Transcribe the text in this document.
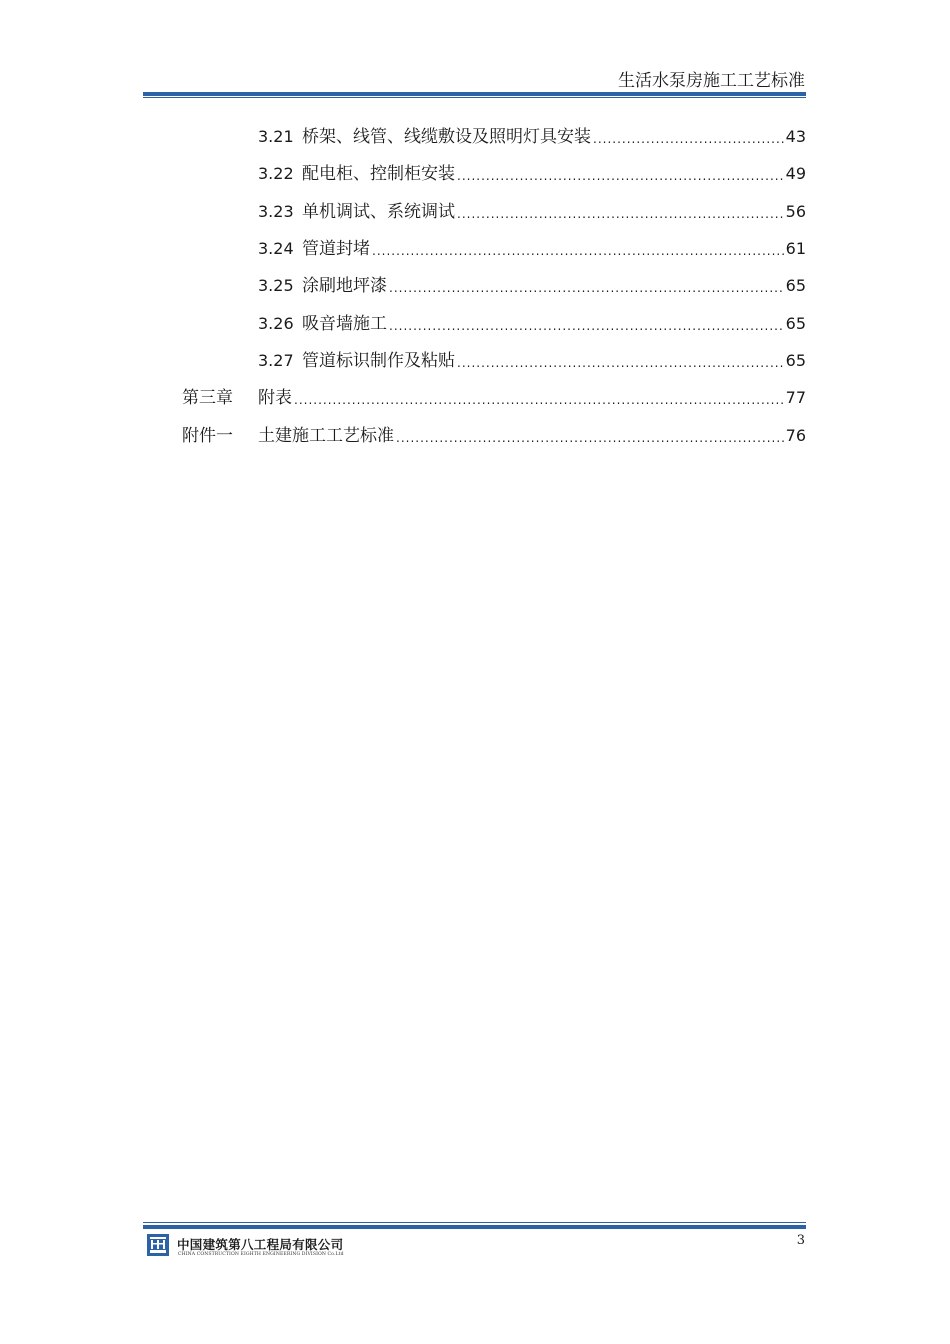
生活水泵房施工工艺标准
3.21 桥架、线管、线缆敷设及照明灯具安装 .....	43
3.22 配电柜、控制柜安装 .....	49
3.23 单机调试、系统调试 .....	56
3.24 管道封堵 .....	61
3.25 涂刷地坪漆 .....	65
3.26 吸音墙施工 .....	65
3.27 管道标识制作及粘贴 .....	65
第三章	附表 .....	77
附件一	土建施工工艺标准 .....	76
中国建筑第八工程局有限公司
CHINA CONSTRUCTION EIGHTH ENGINEERING DIVISION Co.Ltd
3
